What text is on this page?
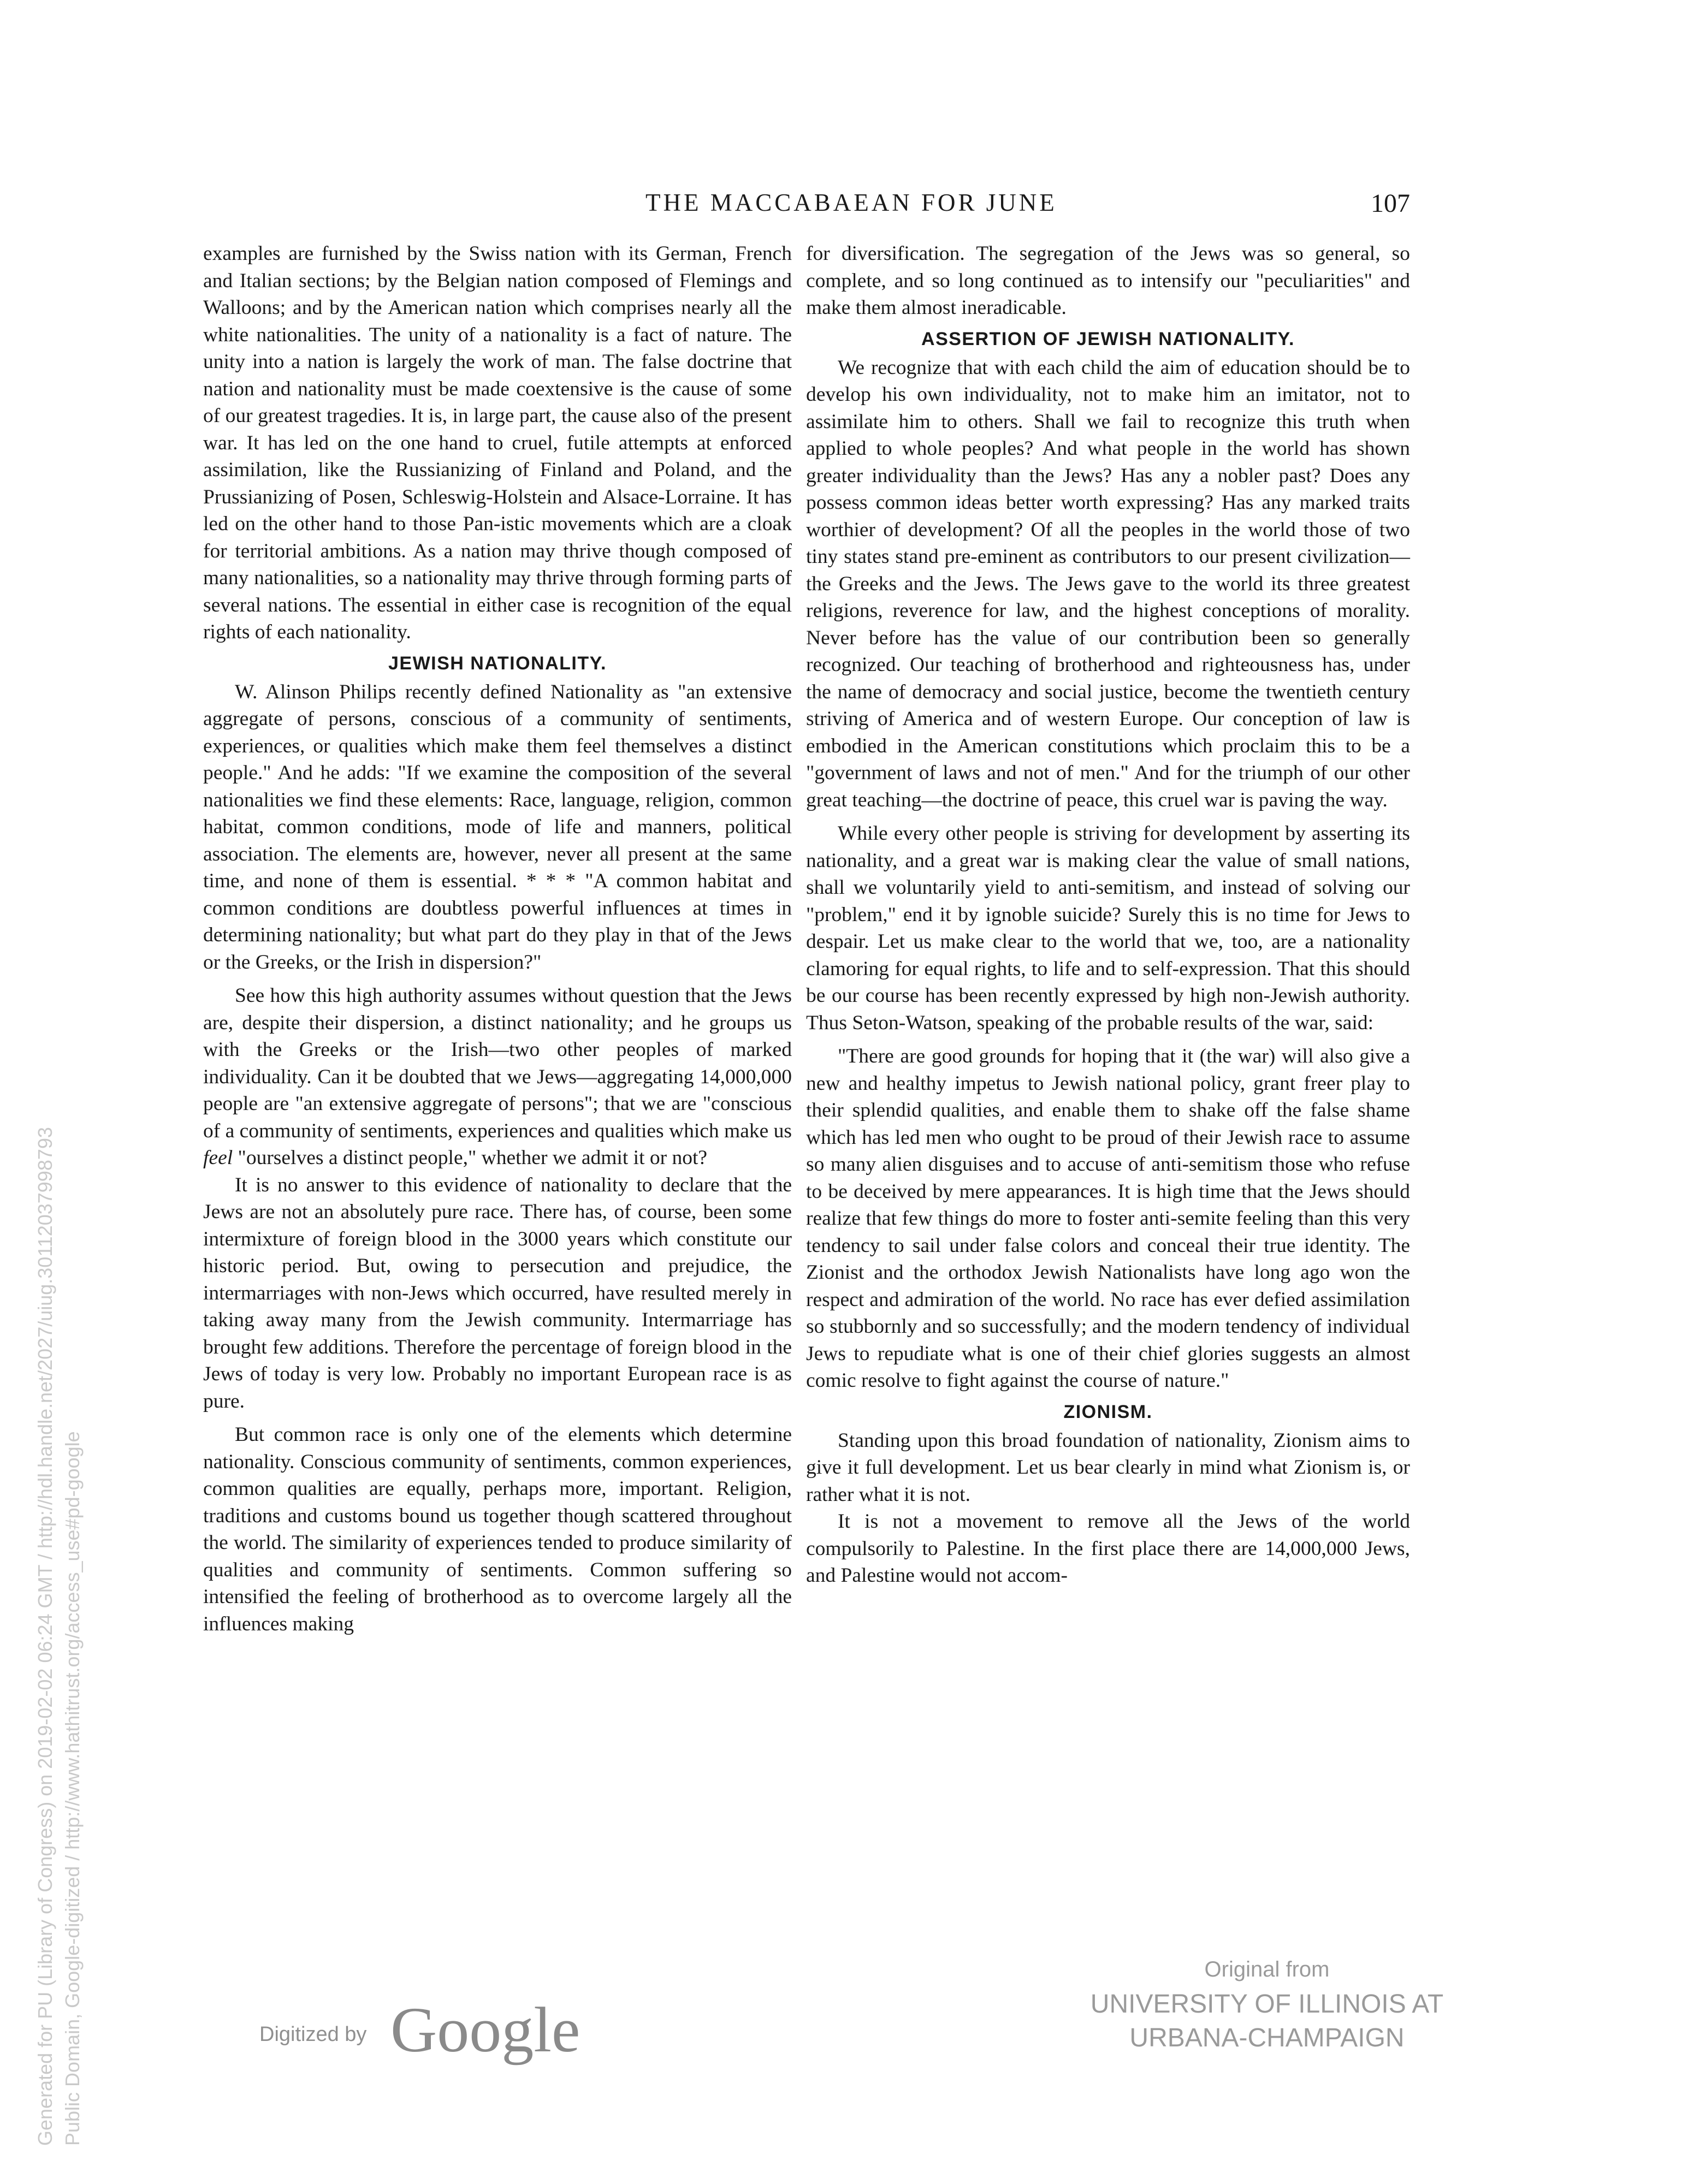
Generated for PU (Library of Congress) on 2019-02-02 06:24 GMT / http://hdl.handle.net/2027/uiug.30112037998793 Public Domain, Google-digitized / http://www.hathitrust.org/access_use#pd-google
THE MACCABAEAN FOR JUNE	107

examples are furnished by the Swiss nation with its German, French and Italian sections; by the Belgian nation composed of Flemings and Walloons; and by the American nation which comprises nearly all the white nationalities. The unity of a nationality is a fact of nature. The unity into a nation is largely the work of man. The false doctrine that nation and nationality must be made coextensive is the cause of some of our greatest tragedies. It is, in large part, the cause also of the present war. It has led on the one hand to cruel, futile attempts at enforced assimilation, like the Russianizing of Finland and Poland, and the Prussianizing of Posen, Schleswig-Holstein and Alsace-Lorraine. It has led on the other hand to those Pan-istic movements which are a cloak for territorial ambitions. As a nation may thrive though composed of many nationalities, so a nationality may thrive through forming parts of several nations. The essential in either case is recognition of the equal rights of each nationality.

JEWISH NATIONALITY.

W. Alinson Philips recently defined Nationality as "an extensive aggregate of persons, conscious of a community of sentiments, experiences, or qualities which make them feel themselves a distinct people." And he adds: "If we examine the composition of the several nationalities we find these elements: Race, language, religion, common habitat, common conditions, mode of life and manners, political association. The elements are, however, never all present at the same time, and none of them is essential. * * * "A common habitat and common conditions are doubtless powerful influences at times in determining nationality; but what part do they play in that of the Jews or the Greeks, or the Irish in dispersion?"

See how this high authority assumes without question that the Jews are, despite their dispersion, a distinct nationality; and he groups us with the Greeks or the Irish—two other peoples of marked individuality. Can it be doubted that we Jews—aggregating 14,000,000 people are "an extensive aggregate of persons"; that we are "conscious of a community of sentiments, experiences and qualities which make us feel "ourselves a distinct people," whether we admit it or not?

It is no answer to this evidence of nationality to declare that the Jews are not an absolutely pure race. There has, of course, been some intermixture of foreign blood in the 3000 years which constitute our historic period. But, owing to persecution and prejudice, the intermarriages with non-Jews which occurred, have resulted merely in taking away many from the Jewish community. Intermarriage has brought few additions. Therefore the percentage of foreign blood in the Jews of today is very low. Probably no important European race is as pure.

But common race is only one of the elements which determine nationality. Conscious community of sentiments, common experiences, common qualities are equally, perhaps more, important. Religion, traditions and customs bound us together though scattered throughout the world. The similarity of experiences tended to produce similarity of qualities and community of sentiments. Common suffering so intensified the feeling of brotherhood as to overcome largely all the influences making

for diversification. The segregation of the Jews was so general, so complete, and so long continued as to intensify our "peculiarities" and make them almost ineradicable.

ASSERTION OF JEWISH NATIONALITY.

We recognize that with each child the aim of education should be to develop his own individuality, not to make him an imitator, not to assimilate him to others. Shall we fail to recognize this truth when applied to whole peoples? And what people in the world has shown greater individuality than the Jews? Has any a nobler past? Does any possess common ideas better worth expressing? Has any marked traits worthier of development? Of all the peoples in the world those of two tiny states stand pre-eminent as contributors to our present civilization—the Greeks and the Jews. The Jews gave to the world its three greatest religions, reverence for law, and the highest conceptions of morality. Never before has the value of our contribution been so generally recognized. Our teaching of brotherhood and righteousness has, under the name of democracy and social justice, become the twentieth century striving of America and of western Europe. Our conception of law is embodied in the American constitutions which proclaim this to be a "government of laws and not of men." And for the triumph of our other great teaching—the doctrine of peace, this cruel war is paving the way.

While every other people is striving for development by asserting its nationality, and a great war is making clear the value of small nations, shall we voluntarily yield to anti-semitism, and instead of solving our "problem," end it by ignoble suicide? Surely this is no time for Jews to despair. Let us make clear to the world that we, too, are a nationality clamoring for equal rights, to life and to self-expression. That this should be our course has been recently expressed by high non-Jewish authority. Thus Seton-Watson, speaking of the probable results of the war, said:

"There are good grounds for hoping that it (the war) will also give a new and healthy impetus to Jewish national policy, grant freer play to their splendid qualities, and enable them to shake off the false shame which has led men who ought to be proud of their Jewish race to assume so many alien disguises and to accuse of anti-semitism those who refuse to be deceived by mere appearances. It is high time that the Jews should realize that few things do more to foster anti-semite feeling than this very tendency to sail under false colors and conceal their true identity. The Zionist and the orthodox Jewish Nationalists have long ago won the respect and admiration of the world. No race has ever defied assimilation so stubbornly and so successfully; and the modern tendency of individual Jews to repudiate what is one of their chief glories suggests an almost comic resolve to fight against the course of nature."

ZIONISM.

Standing upon this broad foundation of nationality, Zionism aims to give it full development. Let us bear clearly in mind what Zionism is, or rather what it is not.

It is not a movement to remove all the Jews of the world compulsorily to Palestine. In the first place there are 14,000,000 Jews, and Palestine would not accom-

Digitized by Google
Original from
UNIVERSITY OF ILLINOIS AT
URBANA-CHAMPAIGN
